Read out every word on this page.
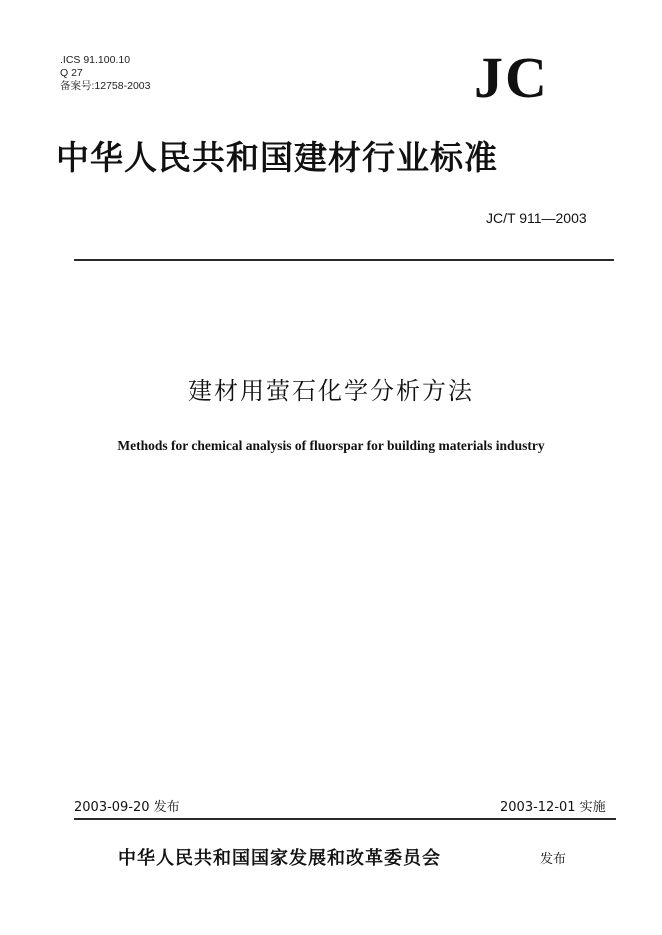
.ICS 91.100.10
Q 27
备案号:12758-2003	JC
中华人民共和国建材行业标准
JC/T 911—2003
建材用萤石化学分析方法
Methods for chemical analysis of fluorspar for building materials industry
2003-09-20 发布	2003-12-01 实施
中华人民共和国国家发展和改革委员会	发布
